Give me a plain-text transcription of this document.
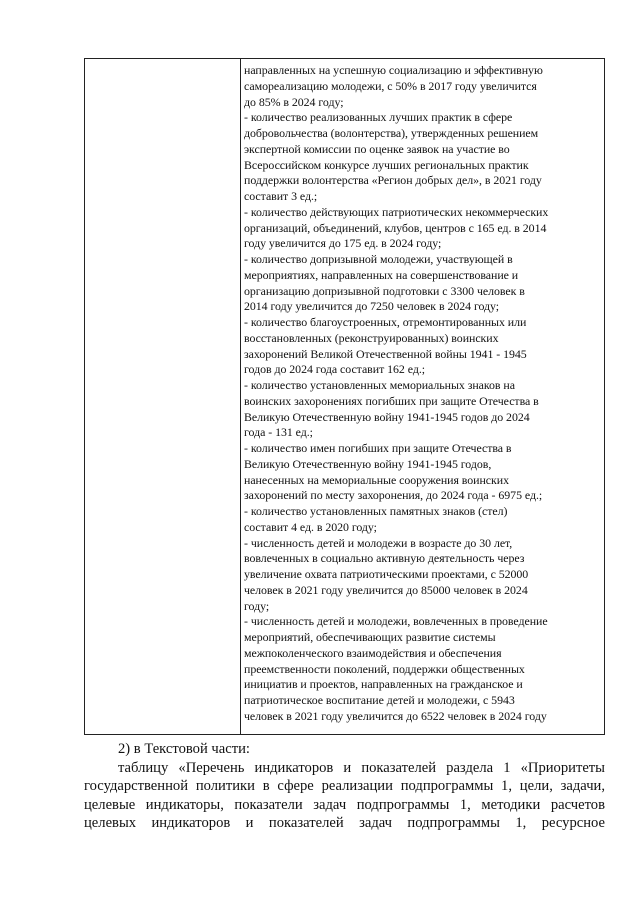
направленных на успешную социализацию и эффективную
самореализацию молодежи, с 50% в 2017 году увеличится
до 85% в 2024 году;
- количество реализованных лучших практик в сфере
добровольчества (волонтерства), утвержденных решением
экспертной комиссии по оценке заявок на участие во
Всероссийском конкурсе лучших региональных практик
поддержки волонтерства «Регион добрых дел», в 2021 году
составит 3 ед.;
- количество действующих патриотических некоммерческих
организаций, объединений, клубов, центров с 165 ед. в 2014
году увеличится до 175 ед. в 2024 году;
- количество допризывной молодежи, участвующей в
мероприятиях, направленных на совершенствование и
организацию допризывной подготовки с 3300 человек в
2014 году увеличится до 7250 человек в 2024 году;
- количество благоустроенных, отремонтированных или
восстановленных (реконструированных) воинских
захоронений Великой Отечественной войны 1941 - 1945
годов до 2024 года составит 162 ед.;
- количество установленных мемориальных знаков на
воинских захоронениях погибших при защите Отечества в
Великую Отечественную войну 1941-1945 годов до 2024
года - 131 ед.;
- количество имен погибших при защите Отечества в
Великую Отечественную войну 1941-1945 годов,
нанесенных на мемориальные сооружения воинских
захоронений по месту захоронения, до 2024 года - 6975 ед.;
- количество установленных памятных знаков (стел)
составит 4 ед. в 2020 году;
- численность детей и молодежи в возрасте до 30 лет,
вовлеченных в социально активную деятельность через
увеличение охвата патриотическими проектами, с 52000
человек в 2021 году увеличится до 85000 человек в 2024
году;
- численность детей и молодежи, вовлеченных в проведение
мероприятий, обеспечивающих развитие системы
межпоколенческого взаимодействия и обеспечения
преемственности поколений, поддержки общественных
инициатив и проектов, направленных на гражданское и
патриотическое воспитание детей и молодежи, с 5943
человек в 2021 году увеличится до 6522 человек в 2024 году
2) в Текстовой части:
таблицу «Перечень индикаторов и показателей раздела 1 «Приоритеты
государственной политики в сфере реализации подпрограммы 1, цели, задачи,
целевые индикаторы, показатели задач подпрограммы 1, методики расчетов
целевых индикаторов и показателей задач подпрограммы 1, ресурсное
